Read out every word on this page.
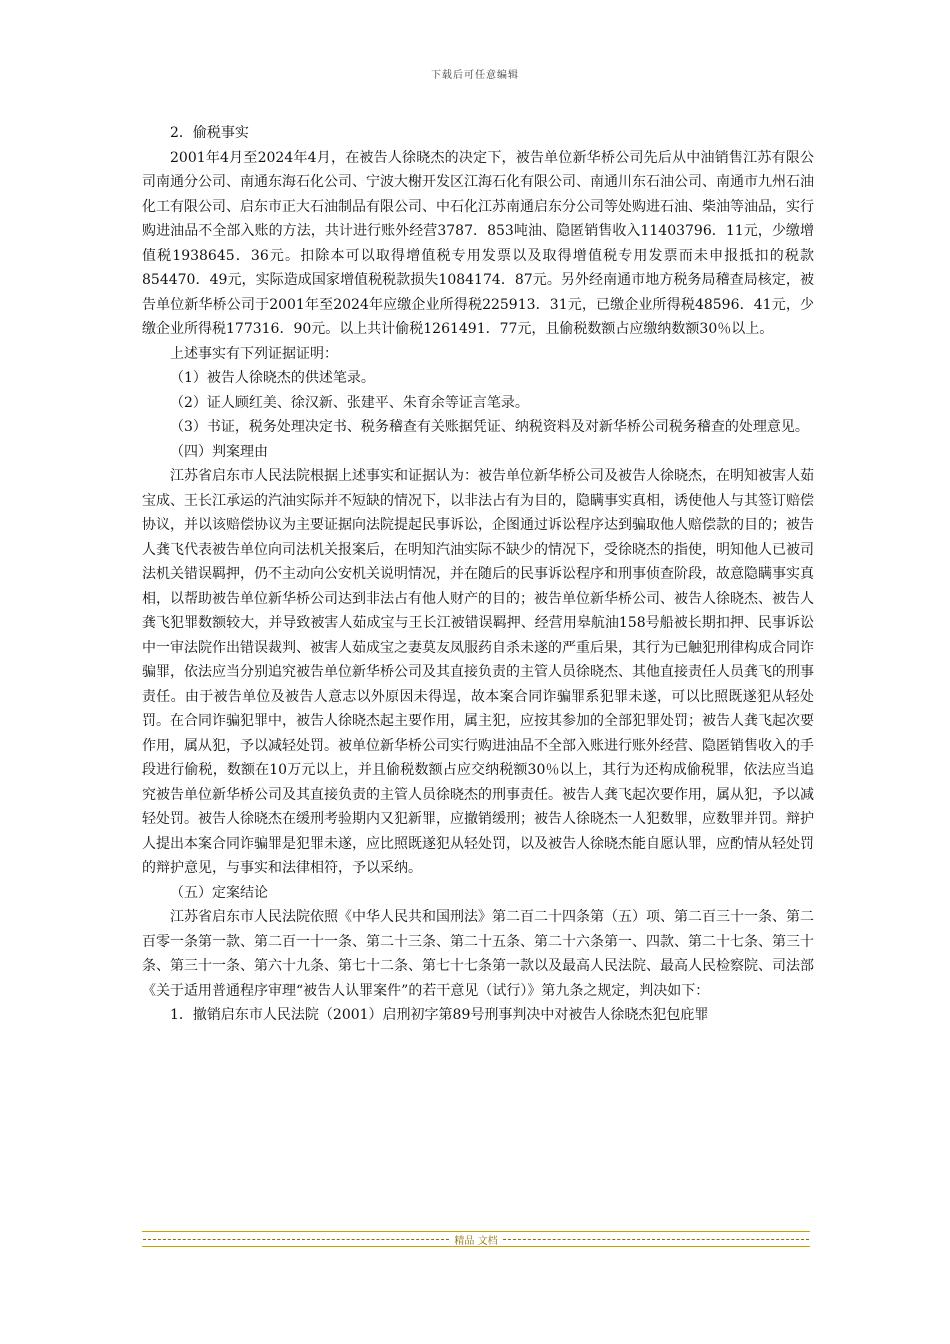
下载后可任意编辑

2．偷税事实

2001年4月至2024年4月，在被告人徐晓杰的决定下，被告单位新华桥公司先后从中油销售江苏有限公司南通分公司、南通东海石化公司、宁波大榭开发区江海石化有限公司、南通川东石油公司、南通市九州石油化工有限公司、启东市正大石油制品有限公司、中石化江苏南通启东分公司等处购进石油、柴油等油品，实行购进油品不全部入账的方法，共计进行账外经营3787．853吨油、隐匿销售收入11403796．11元，少缴增值税1938645．36元。扣除本可以取得增值税专用发票以及取得增值税专用发票而未申报抵扣的税款854470．49元，实际造成国家增值税税款损失1084174．87元。另外经南通市地方税务局稽查局核定，被告单位新华桥公司于2001年至2024年应缴企业所得税225913．31元，已缴企业所得税48596．41元，少缴企业所得税177316．90元。以上共计偷税1261491．77元，且偷税数额占应缴纳数额30％以上。

上述事实有下列证据证明：

（1）被告人徐晓杰的供述笔录。

（2）证人顾红美、徐汉新、张建平、朱育余等证言笔录。

（3）书证，税务处理决定书、税务稽查有关账据凭证、纳税资料及对新华桥公司税务稽查的处理意见。

（四）判案理由

江苏省启东市人民法院根据上述事实和证据认为：被告单位新华桥公司及被告人徐晓杰，在明知被害人茹宝成、王长江承运的汽油实际并不短缺的情况下，以非法占有为目的，隐瞒事实真相，诱使他人与其签订赔偿协议，并以该赔偿协议为主要证据向法院提起民事诉讼，企图通过诉讼程序达到骗取他人赔偿款的目的；被告人龚飞代表被告单位向司法机关报案后，在明知汽油实际不缺少的情况下，受徐晓杰的指使，明知他人已被司法机关错误羁押，仍不主动向公安机关说明情况，并在随后的民事诉讼程序和刑事侦查阶段，故意隐瞒事实真相，以帮助被告单位新华桥公司达到非法占有他人财产的目的；被告单位新华桥公司、被告人徐晓杰、被告人龚飞犯罪数额较大，并导致被害人茹成宝与王长江被错误羁押、经营用皋航油158号船被长期扣押、民事诉讼中一审法院作出错误裁判、被害人茹成宝之妻莫友凤服药自杀未遂的严重后果，其行为已触犯刑律构成合同诈骗罪，依法应当分别追究被告单位新华桥公司及其直接负责的主管人员徐晓杰、其他直接责任人员龚飞的刑事责任。由于被告单位及被告人意志以外原因未得逞，故本案合同诈骗罪系犯罪未遂，可以比照既遂犯从轻处罚。在合同诈骗犯罪中，被告人徐晓杰起主要作用，属主犯，应按其参加的全部犯罪处罚；被告人龚飞起次要作用，属从犯，予以减轻处罚。被单位新华桥公司实行购进油品不全部入账进行账外经营、隐匿销售收入的手段进行偷税，数额在10万元以上，并且偷税数额占应交纳税额30％以上，其行为还构成偷税罪，依法应当追究被告单位新华桥公司及其直接负责的主管人员徐晓杰的刑事责任。被告人龚飞起次要作用，属从犯，予以减轻处罚。被告人徐晓杰在缓刑考验期内又犯新罪，应撤销缓刑；被告人徐晓杰一人犯数罪，应数罪并罚。辩护人提出本案合同诈骗罪是犯罪未遂，应比照既遂犯从轻处罚，以及被告人徐晓杰能自愿认罪，应酌情从轻处罚的辩护意见，与事实和法律相符，予以采纳。

（五）定案结论

江苏省启东市人民法院依照《中华人民共和国刑法》第二百二十四条第（五）项、第二百三十一条、第二百零一条第一款、第二百一十一条、第二十三条、第二十五条、第二十六条第一、四款、第二十七条、第三十条、第三十一条、第六十九条、第七十二条、第七十七条第一款以及最高人民法院、最高人民检察院、司法部《关于适用普通程序审理“被告人认罪案件”的若干意见（试行）》第九条之规定，判决如下：

1．撤销启东市人民法院（2001）启刑初字第89号刑事判决中对被告人徐晓杰犯包庇罪

精品 文档
